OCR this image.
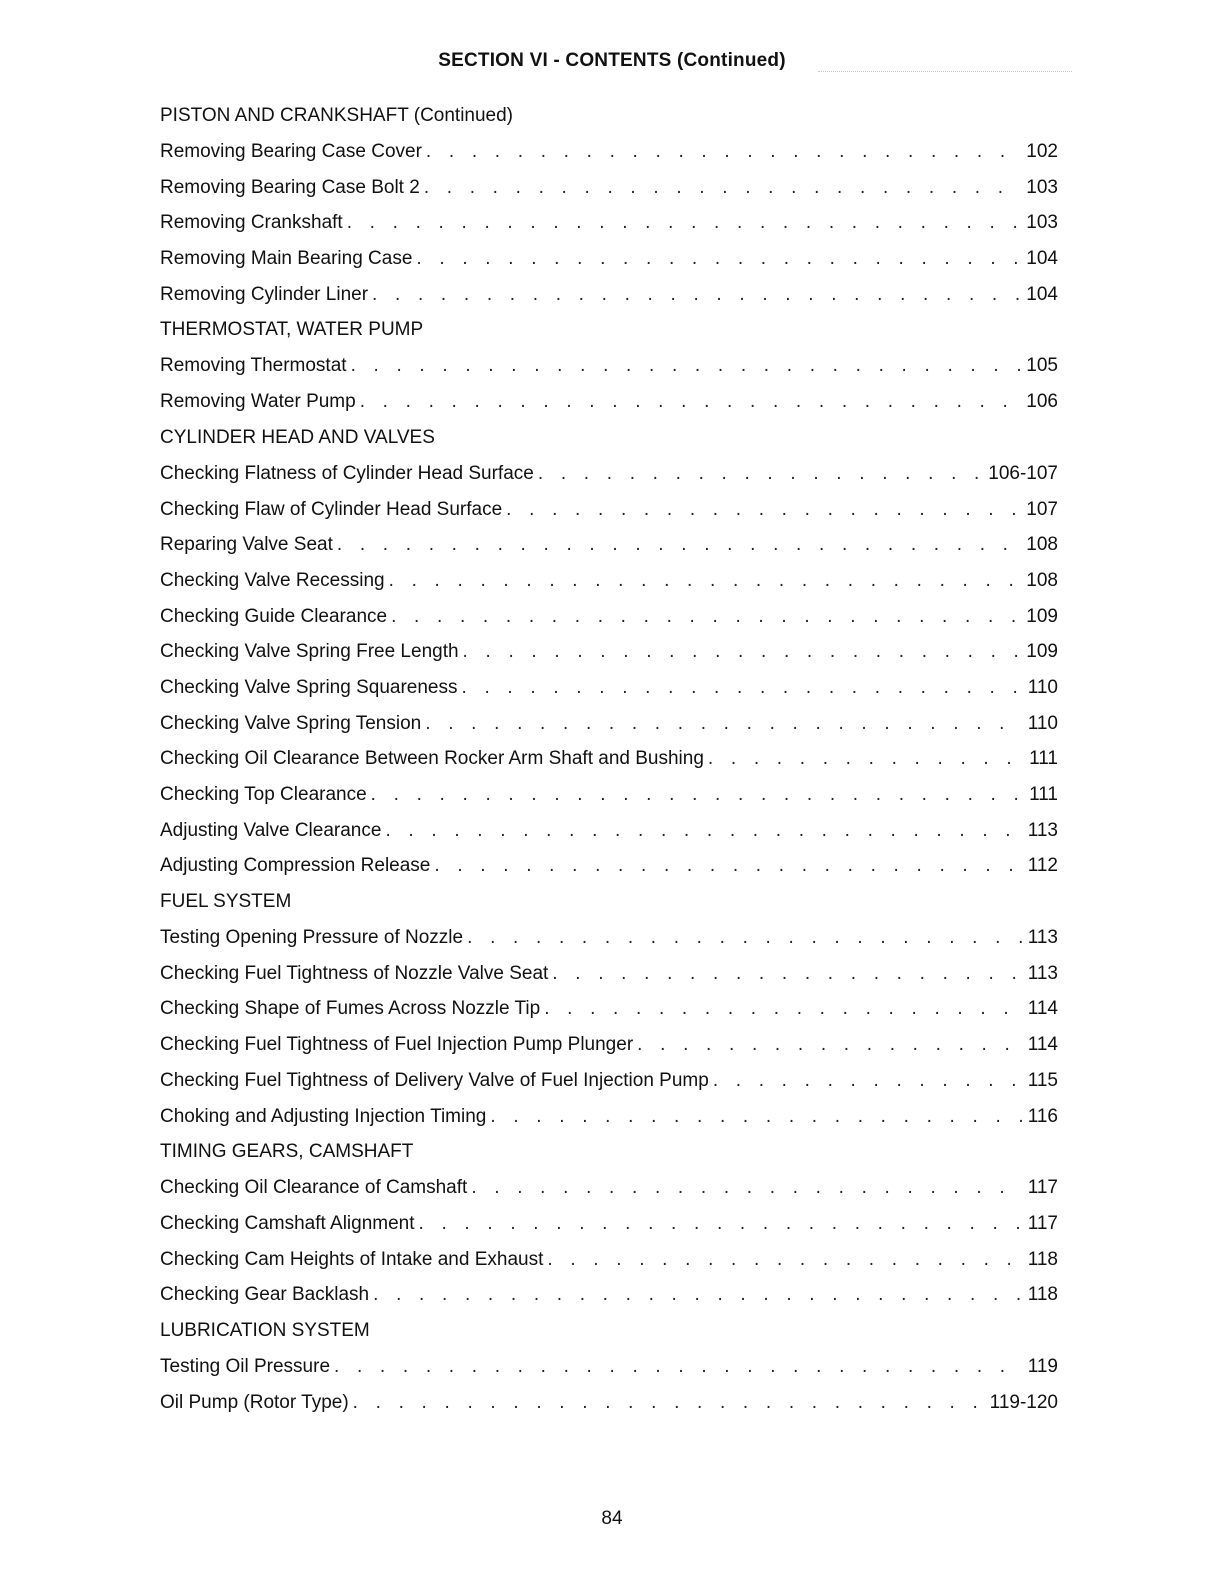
SECTION VI - CONTENTS (Continued)
PISTON AND CRANKSHAFT (Continued)
Removing Bearing Case Cover . . .	102
Removing Bearing Case Bolt 2 . . .	103
Removing Crankshaft . . .	103
Removing Main Bearing Case . . .	104
Removing Cylinder Liner . . .	104
THERMOSTAT, WATER PUMP
Removing Thermostat . . .	105
Removing Water Pump . . .	106
CYLINDER HEAD AND VALVES
Checking Flatness of Cylinder Head Surface . . .	106-107
Checking Flaw of Cylinder Head Surface . . .	107
Reparing Valve Seat . . .	108
Checking Valve Recessing . . .	108
Checking Guide Clearance . . .	109
Checking Valve Spring Free Length . . .	109
Checking Valve Spring Squareness . . .	110
Checking Valve Spring Tension . . .	110
Checking Oil Clearance Between Rocker Arm Shaft and Bushing . . .	111
Checking Top Clearance . . .	111
Adjusting Valve Clearance . . .	113
Adjusting Compression Release . . .	112
FUEL SYSTEM
Testing Opening Pressure of Nozzle . . .	113
Checking Fuel Tightness of Nozzle Valve Seat . . .	113
Checking Shape of Fumes Across Nozzle Tip . . .	114
Checking Fuel Tightness of Fuel Injection Pump Plunger . . .	114
Checking Fuel Tightness of Delivery Valve of Fuel Injection Pump . . .	115
Choking and Adjusting Injection Timing . . .	116
TIMING GEARS, CAMSHAFT
Checking Oil Clearance of Camshaft . . .	117
Checking Camshaft Alignment . . .	117
Checking Cam Heights of Intake and Exhaust . . .	118
Checking Gear Backlash . . .	118
LUBRICATION SYSTEM
Testing Oil Pressure . . .	119
Oil Pump (Rotor Type) . . .	119-120
84
